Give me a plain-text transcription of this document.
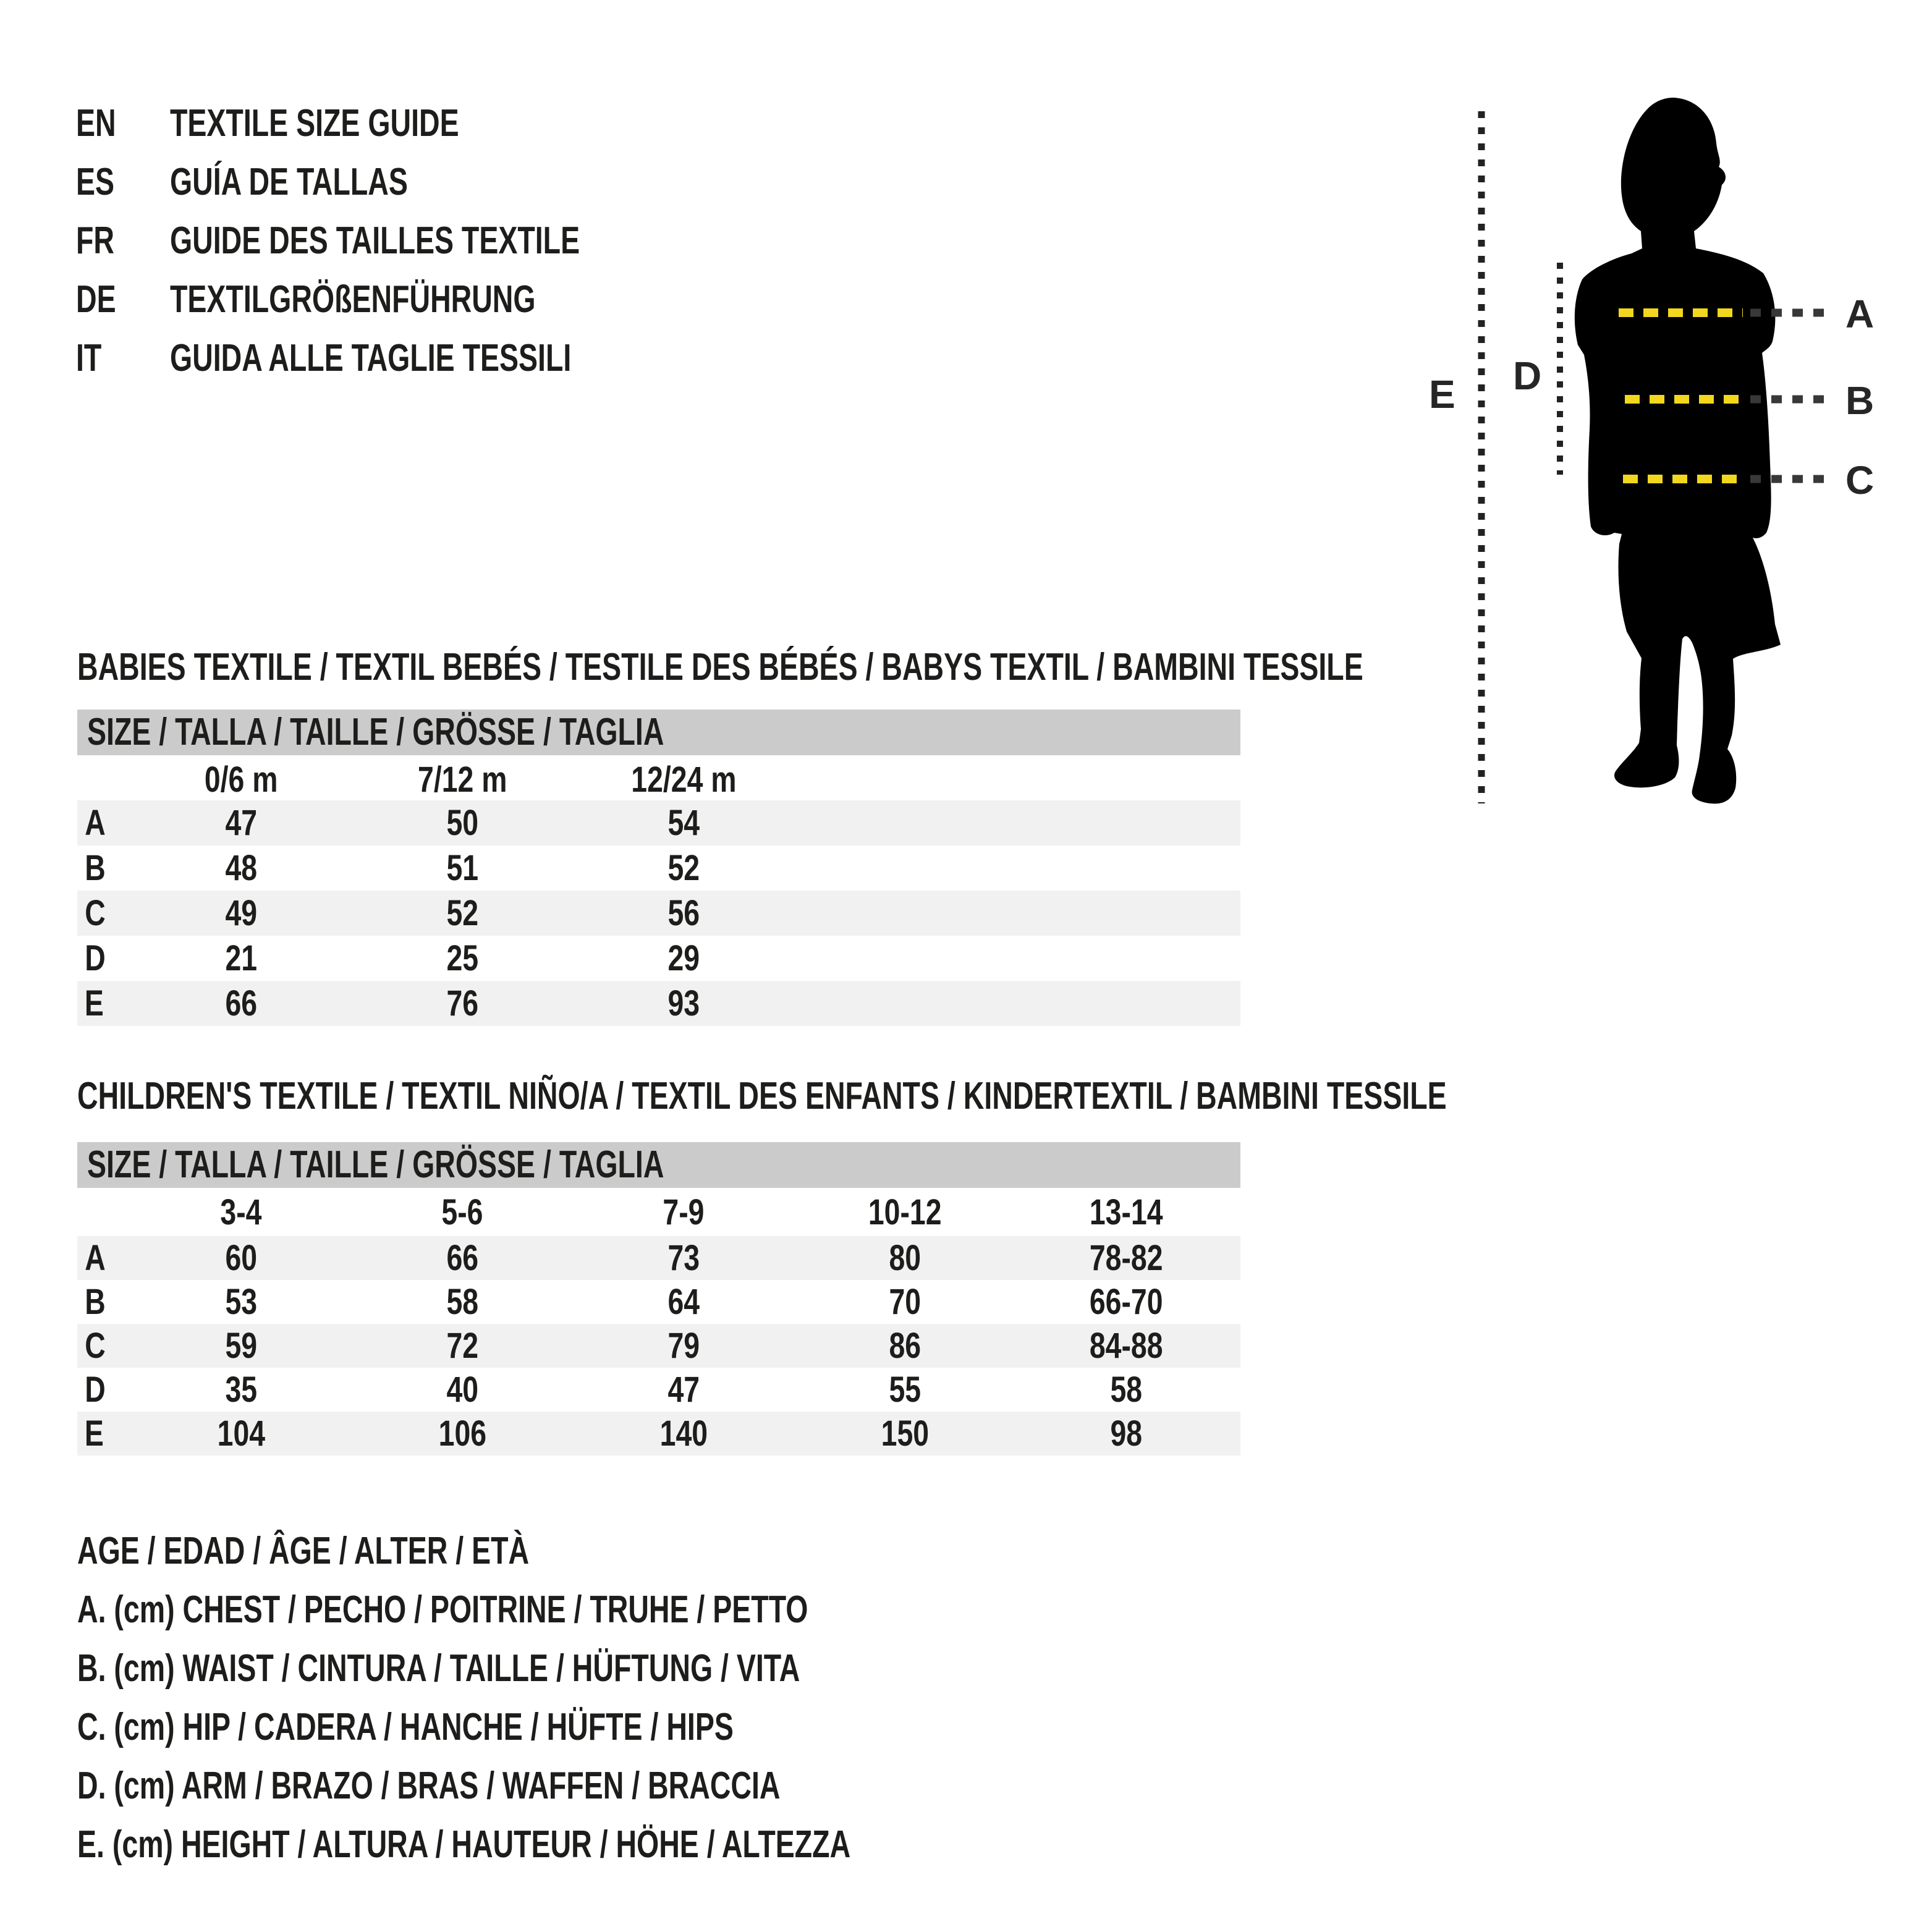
EN	TEXTILE SIZE GUIDE
ES	GUÍA DE TALLAS
FR	GUIDE DES TAILLES TEXTILE
DE	TEXTILGRÖßENFÜHRUNG
IT GUIDA ALLE TAGLIE TESSILI
BABIES TEXTILE / TEXTIL BEBÉS / TESTILE DES BÉBÉS / BABYS TEXTIL / BAMBINI TESSILE
SIZE / TALLA / TAILLE / GRÖSSE / TAGLIA
0/6 m	7/12 m	12/24 m
A	47	50	54
B	48	51	52
C	49	52	56
D	21	25	29
E	66	76	93
CHILDREN'S TEXTILE / TEXTIL NIÑO/A / TEXTIL DES ENFANTS / KINDERTEXTIL / BAMBINI TESSILE
SIZE / TALLA / TAILLE / GRÖSSE / TAGLIA
3-4	5-6	7-9	10-12	13-14
A	60	66	73	80	78-82
B	53	58	64	70	66-70
C	59	72	79	86	84-88
D	35	40	47	55	58
E	104	106	140	150	98
AGE / EDAD / ÂGE / ALTER / ETÀ
A. (cm) CHEST / PECHO / POITRINE / TRUHE / PETTO
B. (cm) WAIST / CINTURA / TAILLE / HÜFTUNG / VITA
C. (cm) HIP / CADERA / HANCHE / HÜFTE / HIPS
D. (cm) ARM / BRAZO / BRAS / WAFFEN / BRACCIA
E. (cm) HEIGHT / ALTURA / HAUTEUR / HÖHE / ALTEZZA
A
B
C
D
E
